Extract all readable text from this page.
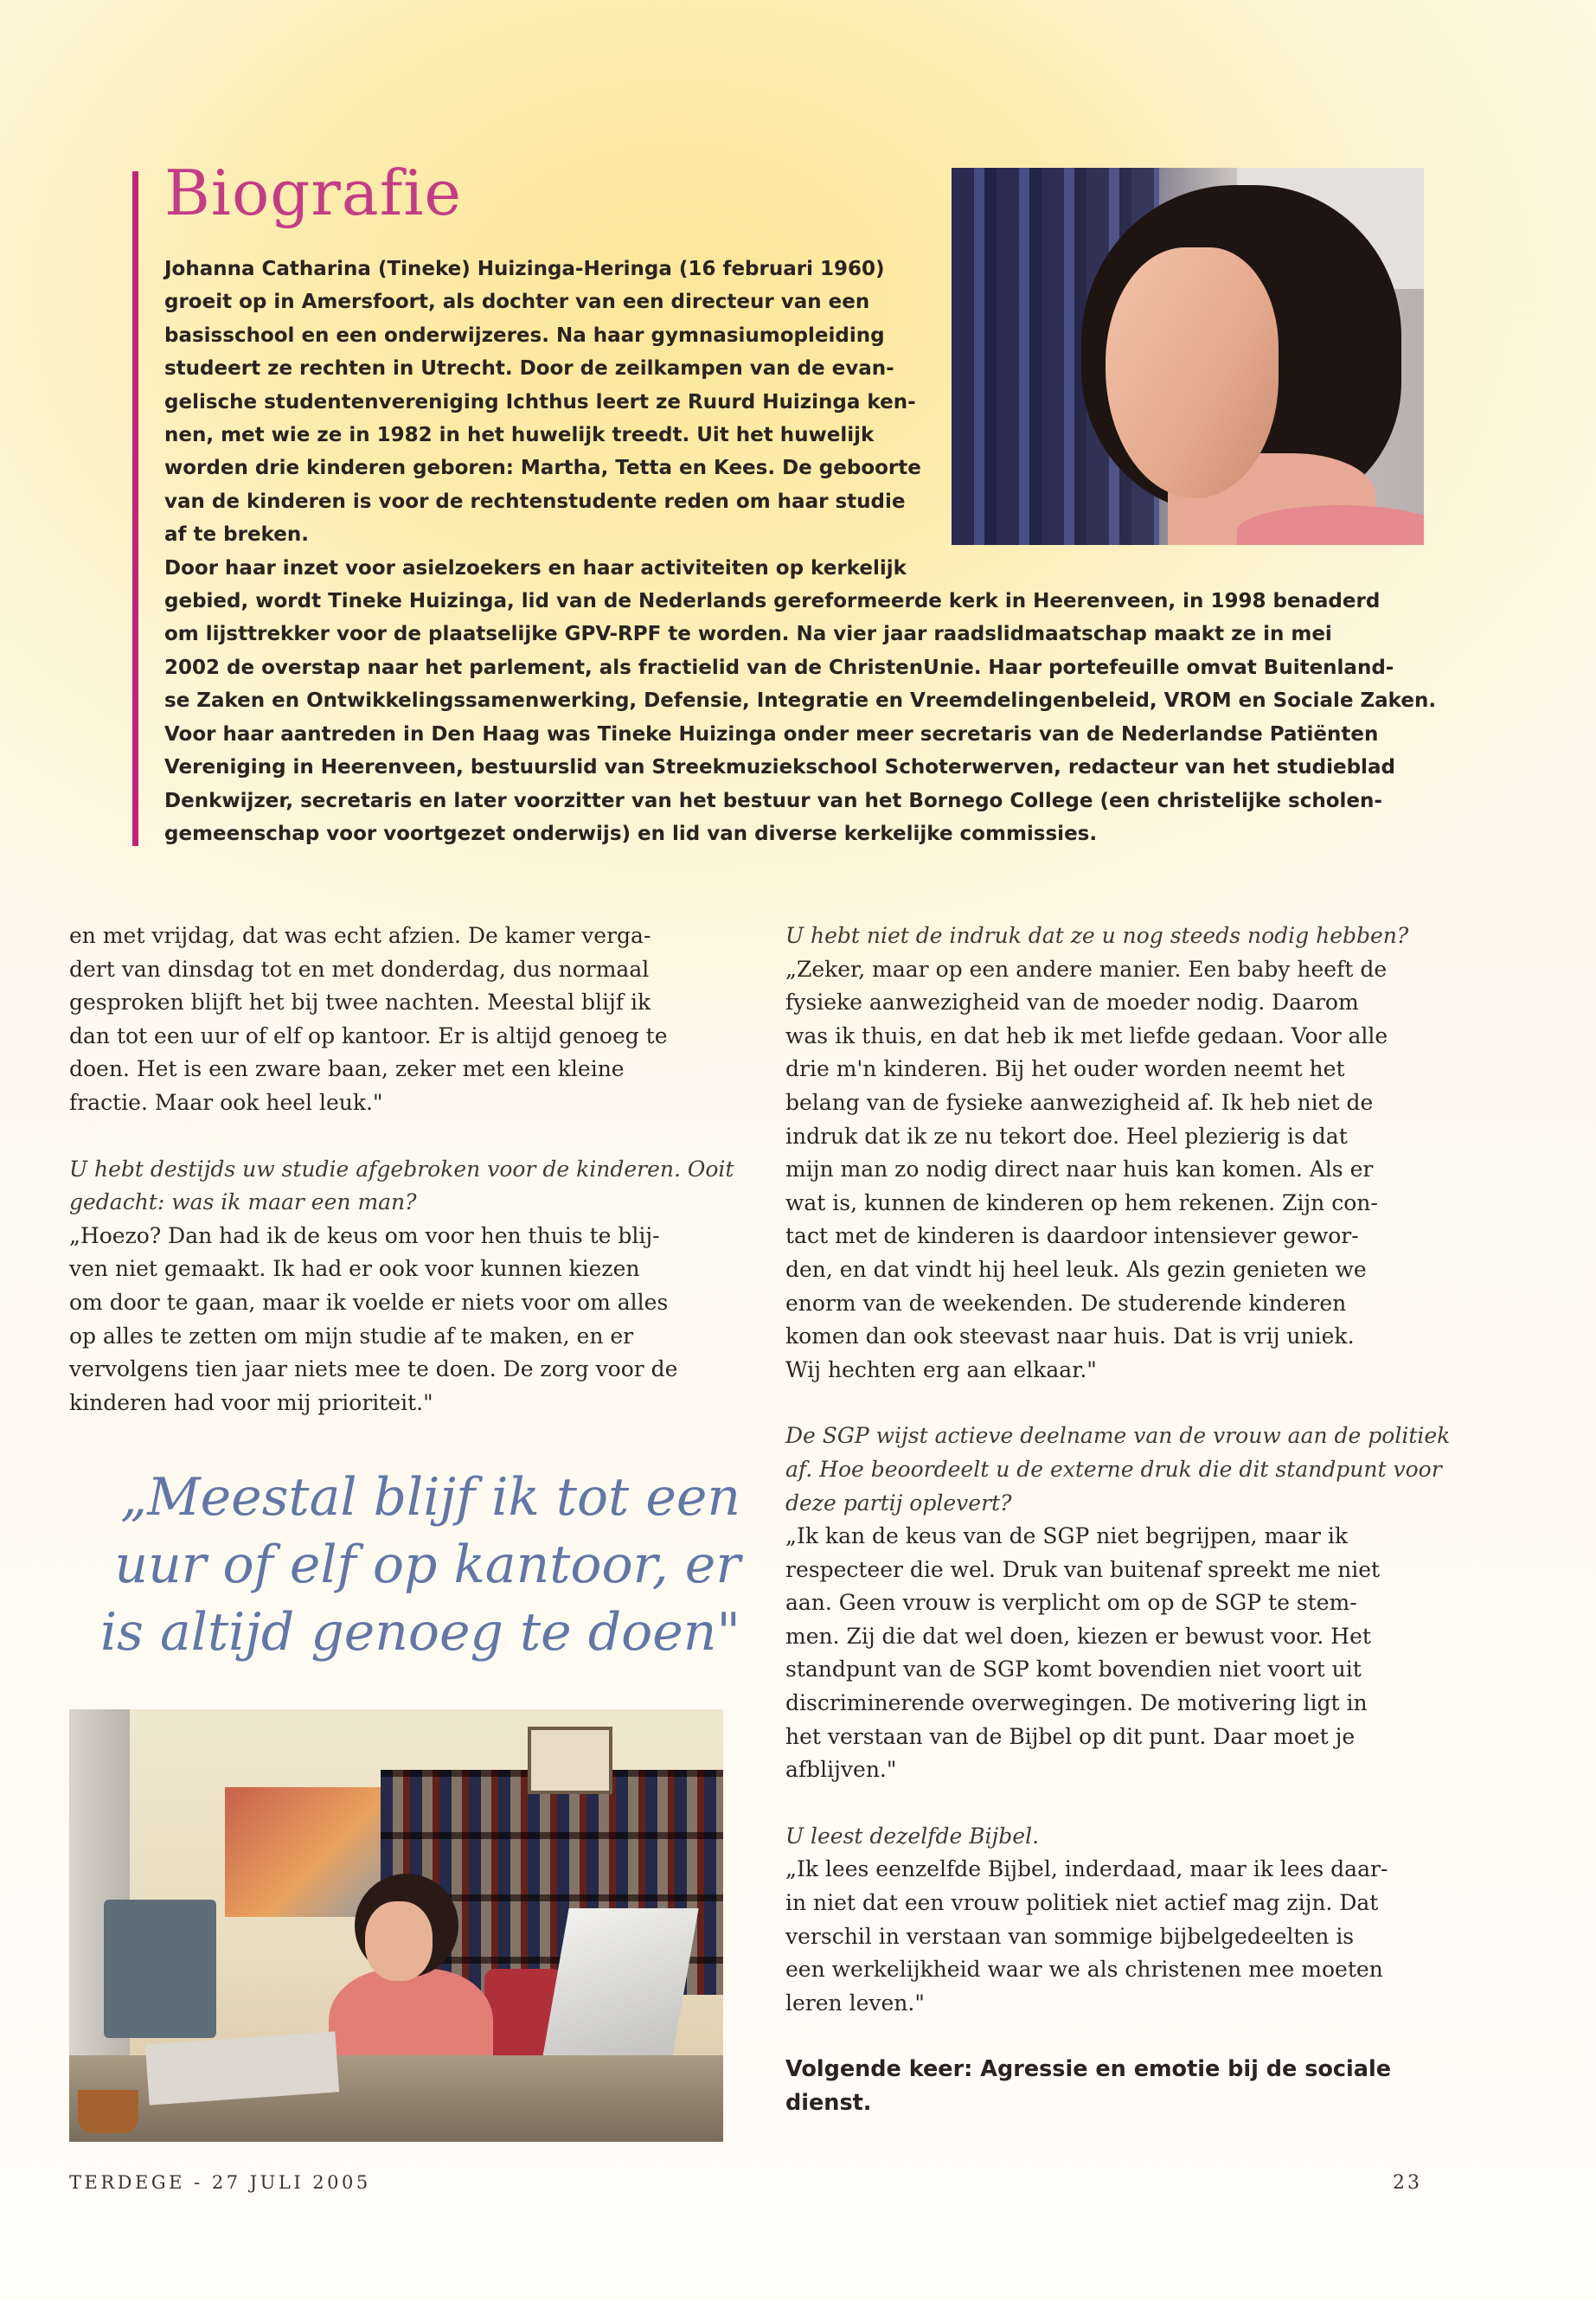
Biografie
Johanna Catharina (Tineke) Huizinga-Heringa (16 februari 1960)
groeit op in Amersfoort, als dochter van een directeur van een
basisschool en een onderwijzeres. Na haar gymnasiumopleiding
studeert ze rechten in Utrecht. Door de zeilkampen van de evan-
gelische studentenvereniging Ichthus leert ze Ruurd Huizinga ken-
nen, met wie ze in 1982 in het huwelijk treedt. Uit het huwelijk
worden drie kinderen geboren: Martha, Tetta en Kees. De geboorte
van de kinderen is voor de rechtenstudente reden om haar studie
af te breken.
Door haar inzet voor asielzoekers en haar activiteiten op kerkelijk
gebied, wordt Tineke Huizinga, lid van de Nederlands gereformeerde kerk in Heerenveen, in 1998 benaderd
om lijsttrekker voor de plaatselijke GPV-RPF te worden. Na vier jaar raadslidmaatschap maakt ze in mei
2002 de overstap naar het parlement, als fractielid van de ChristenUnie. Haar portefeuille omvat Buitenland-
se Zaken en Ontwikkelingssamenwerking, Defensie, Integratie en Vreemdelingenbeleid, VROM en Sociale Zaken.
Voor haar aantreden in Den Haag was Tineke Huizinga onder meer secretaris van de Nederlandse Patiënten
Vereniging in Heerenveen, bestuurslid van Streekmuziekschool Schoterwerven, redacteur van het studieblad
Denkwijzer, secretaris en later voorzitter van het bestuur van het Bornego College (een christelijke scholen-
gemeenschap voor voortgezet onderwijs) en lid van diverse kerkelijke commissies.

en met vrijdag, dat was echt afzien. De kamer verga-
dert van dinsdag tot en met donderdag, dus normaal
gesproken blijft het bij twee nachten. Meestal blijf ik
dan tot een uur of elf op kantoor. Er is altijd genoeg te
doen. Het is een zware baan, zeker met een kleine
fractie. Maar ook heel leuk."

U hebt destijds uw studie afgebroken voor de kinderen. Ooit
gedacht: was ik maar een man?

„Hoezo? Dan had ik de keus om voor hen thuis te blij-
ven niet gemaakt. Ik had er ook voor kunnen kiezen
om door te gaan, maar ik voelde er niets voor om alles
op alles te zetten om mijn studie af te maken, en er
vervolgens tien jaar niets mee te doen. De zorg voor de
kinderen had voor mij prioriteit."

„Meestal blijf ik tot een
uur of elf op kantoor, er
is altijd genoeg te doen"

U hebt niet de indruk dat ze u nog steeds nodig hebben?

„Zeker, maar op een andere manier. Een baby heeft de
fysieke aanwezigheid van de moeder nodig. Daarom
was ik thuis, en dat heb ik met liefde gedaan. Voor alle
drie m'n kinderen. Bij het ouder worden neemt het
belang van de fysieke aanwezigheid af. Ik heb niet de
indruk dat ik ze nu tekort doe. Heel plezierig is dat
mijn man zo nodig direct naar huis kan komen. Als er
wat is, kunnen de kinderen op hem rekenen. Zijn con-
tact met de kinderen is daardoor intensiever gewor-
den, en dat vindt hij heel leuk. Als gezin genieten we
enorm van de weekenden. De studerende kinderen
komen dan ook steevast naar huis. Dat is vrij uniek.
Wij hechten erg aan elkaar."

De SGP wijst actieve deelname van de vrouw aan de politiek
af. Hoe beoordeelt u de externe druk die dit standpunt voor
deze partij oplevert?

„Ik kan de keus van de SGP niet begrijpen, maar ik
respecteer die wel. Druk van buitenaf spreekt me niet
aan. Geen vrouw is verplicht om op de SGP te stem-
men. Zij die dat wel doen, kiezen er bewust voor. Het
standpunt van de SGP komt bovendien niet voort uit
discriminerende overwegingen. De motivering ligt in
het verstaan van de Bijbel op dit punt. Daar moet je
afblijven."

U leest dezelfde Bijbel.

„Ik lees eenzelfde Bijbel, inderdaad, maar ik lees daar-
in niet dat een vrouw politiek niet actief mag zijn. Dat
verschil in verstaan van sommige bijbelgedeelten is
een werkelijkheid waar we als christenen mee moeten
leren leven."

Volgende keer: Agressie en emotie bij de sociale
dienst.

TERDEGE - 27 JULI 2005	23
